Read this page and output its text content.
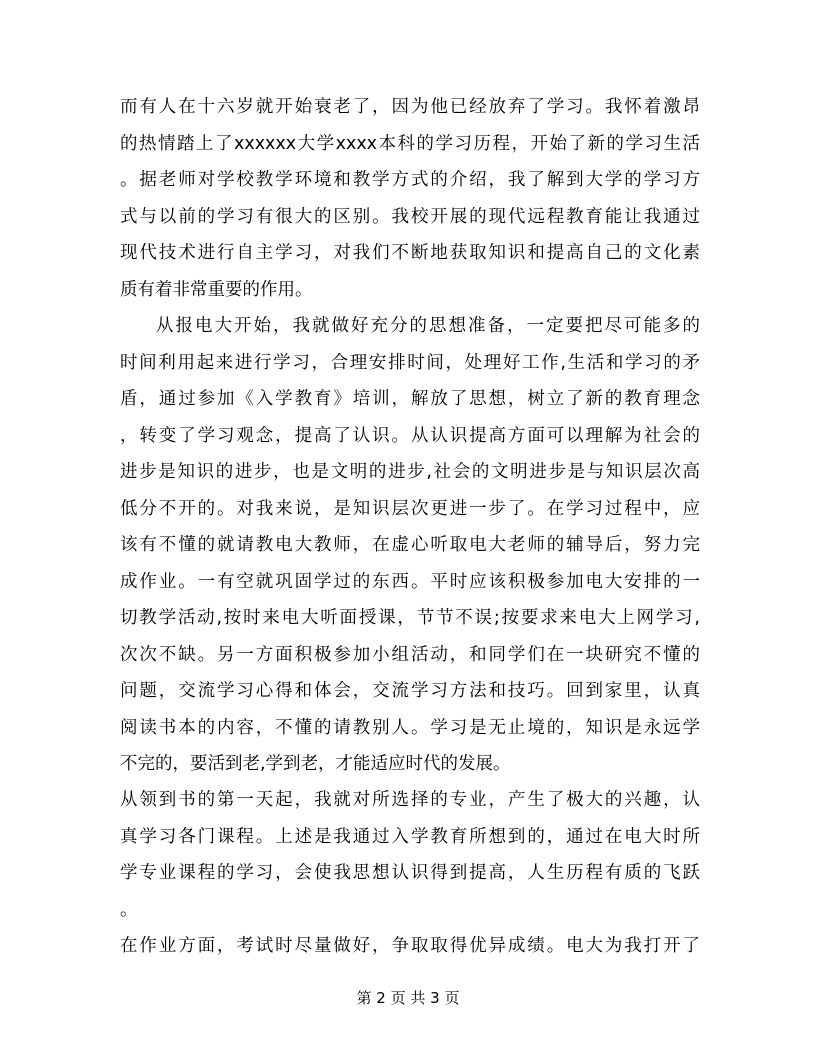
而有人在十六岁就开始衰老了，因为他已经放弃了学习。我怀着激昂
的热情踏上了xxxxxx大学xxxx本科的学习历程，开始了新的学习生活
。据老师对学校教学环境和教学方式的介绍，我了解到大学的学习方
式与以前的学习有很大的区别。我校开展的现代远程教育能让我通过
现代技术进行自主学习，对我们不断地获取知识和提高自己的文化素
质有着非常重要的作用。
从报电大开始，我就做好充分的思想准备，一定要把尽可能多的
时间利用起来进行学习，合理安排时间，处理好工作,生活和学习的矛
盾，通过参加《入学教育》培训，解放了思想，树立了新的教育理念
，转变了学习观念，提高了认识。从认识提高方面可以理解为社会的
进步是知识的进步，也是文明的进步,社会的文明进步是与知识层次高
低分不开的。对我来说，是知识层次更进一步了。在学习过程中，应
该有不懂的就请教电大教师，在虚心听取电大老师的辅导后，努力完
成作业。一有空就巩固学过的东西。平时应该积极参加电大安排的一
切教学活动,按时来电大听面授课，节节不误;按要求来电大上网学习,
次次不缺。另一方面积极参加小组活动，和同学们在一块研究不懂的
问题，交流学习心得和体会，交流学习方法和技巧。回到家里，认真
阅读书本的内容，不懂的请教别人。学习是无止境的，知识是永远学
不完的，要活到老,学到老，才能适应时代的发展。
从领到书的第一天起，我就对所选择的专业，产生了极大的兴趣，认
真学习各门课程。上述是我通过入学教育所想到的，通过在电大时所
学专业课程的学习，会使我思想认识得到提高，人生历程有质的飞跃
。
在作业方面，考试时尽量做好，争取取得优异成绩。电大为我打开了
第 2 页 共 3 页
